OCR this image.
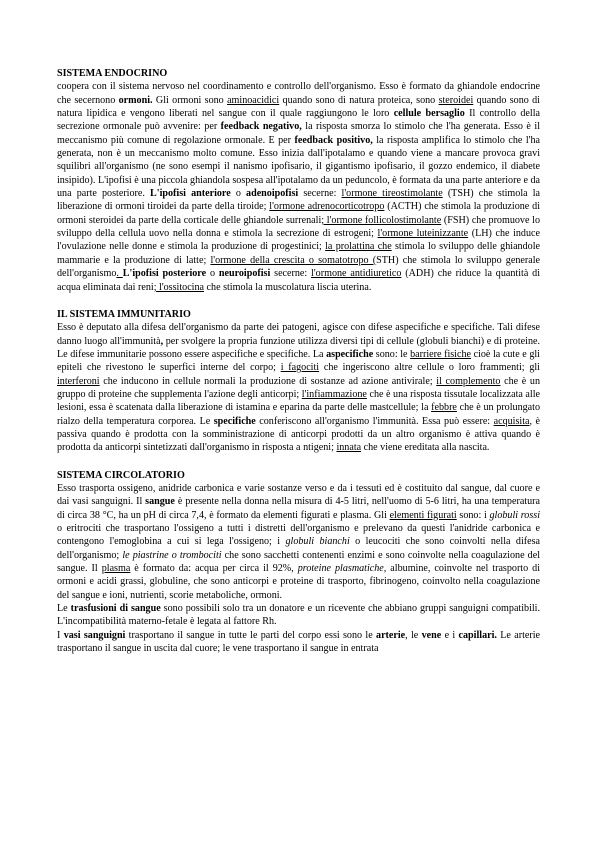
SISTEMA ENDOCRINO
coopera con il sistema nervoso nel coordinamento e controllo dell'organismo. Esso è formato da ghiandole endocrine che secernono ormoni. Gli ormoni sono aminoacidici quando sono di natura proteica, sono steroidei quando sono di natura lipidica e vengono liberati nel sangue con il quale raggiungono le loro cellule bersaglio Il controllo della secrezione ormonale può avvenire: per feedback negativo, la risposta smorza lo stimolo che l'ha generata. Esso è il meccanismo più comune di regolazione ormonale. E per feedback positivo, la risposta amplifica lo stimolo che l'ha generata, non è un meccanismo molto comune. Esso inizia dall'ipotalamo e quando viene a mancare provoca gravi squilibri all'organismo (ne sono esempi il nanismo ipofisario, il gigantismo ipofisario, il gozzo endemico, il diabete insipido). L'ipofisi è una piccola ghiandola sospesa all'ipotalamo da un peduncolo, è formata da una parte anteriore e da una parte posteriore. L'ipofisi anteriore o adenoipofisi secerne: l'ormone tireostimolante (TSH) che stimola la liberazione di ormoni tiroidei da parte della tiroide; l'ormone adrenocorticotropo (ACTH) che stimola la produzione di ormoni steroidei da parte della corticale delle ghiandole surrenali; l'ormone follicolostimolante (FSH) che promuove lo sviluppo della cellula uovo nella donna e stimola la secrezione di estrogeni; l'ormone luteinizzante (LH) che induce l'ovulazione nelle donne e stimola la produzione di progestinici; la prolattina che stimola lo sviluppo delle ghiandole mammarie e la produzione di latte; l'ormone della crescita o somatotropo (STH) che stimola lo sviluppo generale dell'organismo. L'ipofisi posteriore o neuroipofisi secerne: l'ormone antidiuretico (ADH) che riduce la quantità di acqua eliminata dai reni; l'ossitocina che stimola la muscolatura liscia uterina.
IL SISTEMA IMMUNITARIO
Esso è deputato alla difesa dell'organismo da parte dei patogeni, agisce con difese aspecifiche e specifiche. Tali difese danno luogo all'immunità, per svolgere la propria funzione utilizza diversi tipi di cellule (globuli bianchi) e di proteine. Le difese immunitarie possono essere aspecifiche e specifiche. La aspecifiche sono: le barriere fisiche cioè la cute e gli epiteli che rivestono le superfici interne del corpo; i fagociti che ingeriscono altre cellule o loro frammenti; gli interferoni che inducono in cellule normali la produzione di sostanze ad azione antivirale; il complemento che è un gruppo di proteine che supplementa l'azione degli anticorpi; l'infiammazione che è una risposta tissutale localizzata alle lesioni, essa è scatenata dalla liberazione di istamina e eparina da parte delle mastcellule; la febbre che è un prolungato rialzo della temperatura corporea. Le specifiche conferiscono all'organismo l'immunità. Essa può essere: acquisita, è passiva quando è prodotta con la somministrazione di anticorpi prodotti da un altro organismo è attiva quando è prodotta da anticorpi sintetizzati dall'organismo in risposta a ntigeni; innata che viene ereditata alla nascita.
SISTEMA CIRCOLATORIO
Esso trasporta ossigeno, anidride carbonica e varie sostanze verso e da i tessuti ed è costituito dal sangue, dal cuore e dai vasi sanguigni. Il sangue è presente nella donna nella misura di 4-5 litri, nell'uomo di 5-6 litri, ha una temperatura di circa 38 °C, ha un pH di circa 7,4, è formato da elementi figurati e plasma. Gli elementi figurati sono: i globuli rossi o eritrociti che trasportano l'ossigeno a tutti i distretti dell'organismo e prelevano da questi l'anidride carbonica e contengono l'emoglobina a cui si lega l'ossigeno; i globuli bianchi o leucociti che sono coinvolti nella difesa dell'organismo; le piastrine o trombociti che sono sacchetti contenenti enzimi e sono coinvolte nella coagulazione del sangue. Il plasma è formato da: acqua per circa il 92%, proteine plasmatiche, albumine, coinvolte nel trasporto di ormoni e acidi grassi, globuline, che sono anticorpi e proteine di trasporto, fibrinogeno, coinvolto nella coagulazione del sangue e ioni, nutrienti, scorie metaboliche, ormoni.
Le trasfusioni di sangue sono possibili solo tra un donatore e un ricevente che abbiano gruppi sanguigni compatibili. L'incompatibilità materno-fetale è legata al fattore Rh.
I vasi sanguigni trasportano il sangue in tutte le parti del corpo essi sono le arterie, le vene e i capillari. Le arterie trasportano il sangue in uscita dal cuore; le vene trasportano il sangue in entrata
